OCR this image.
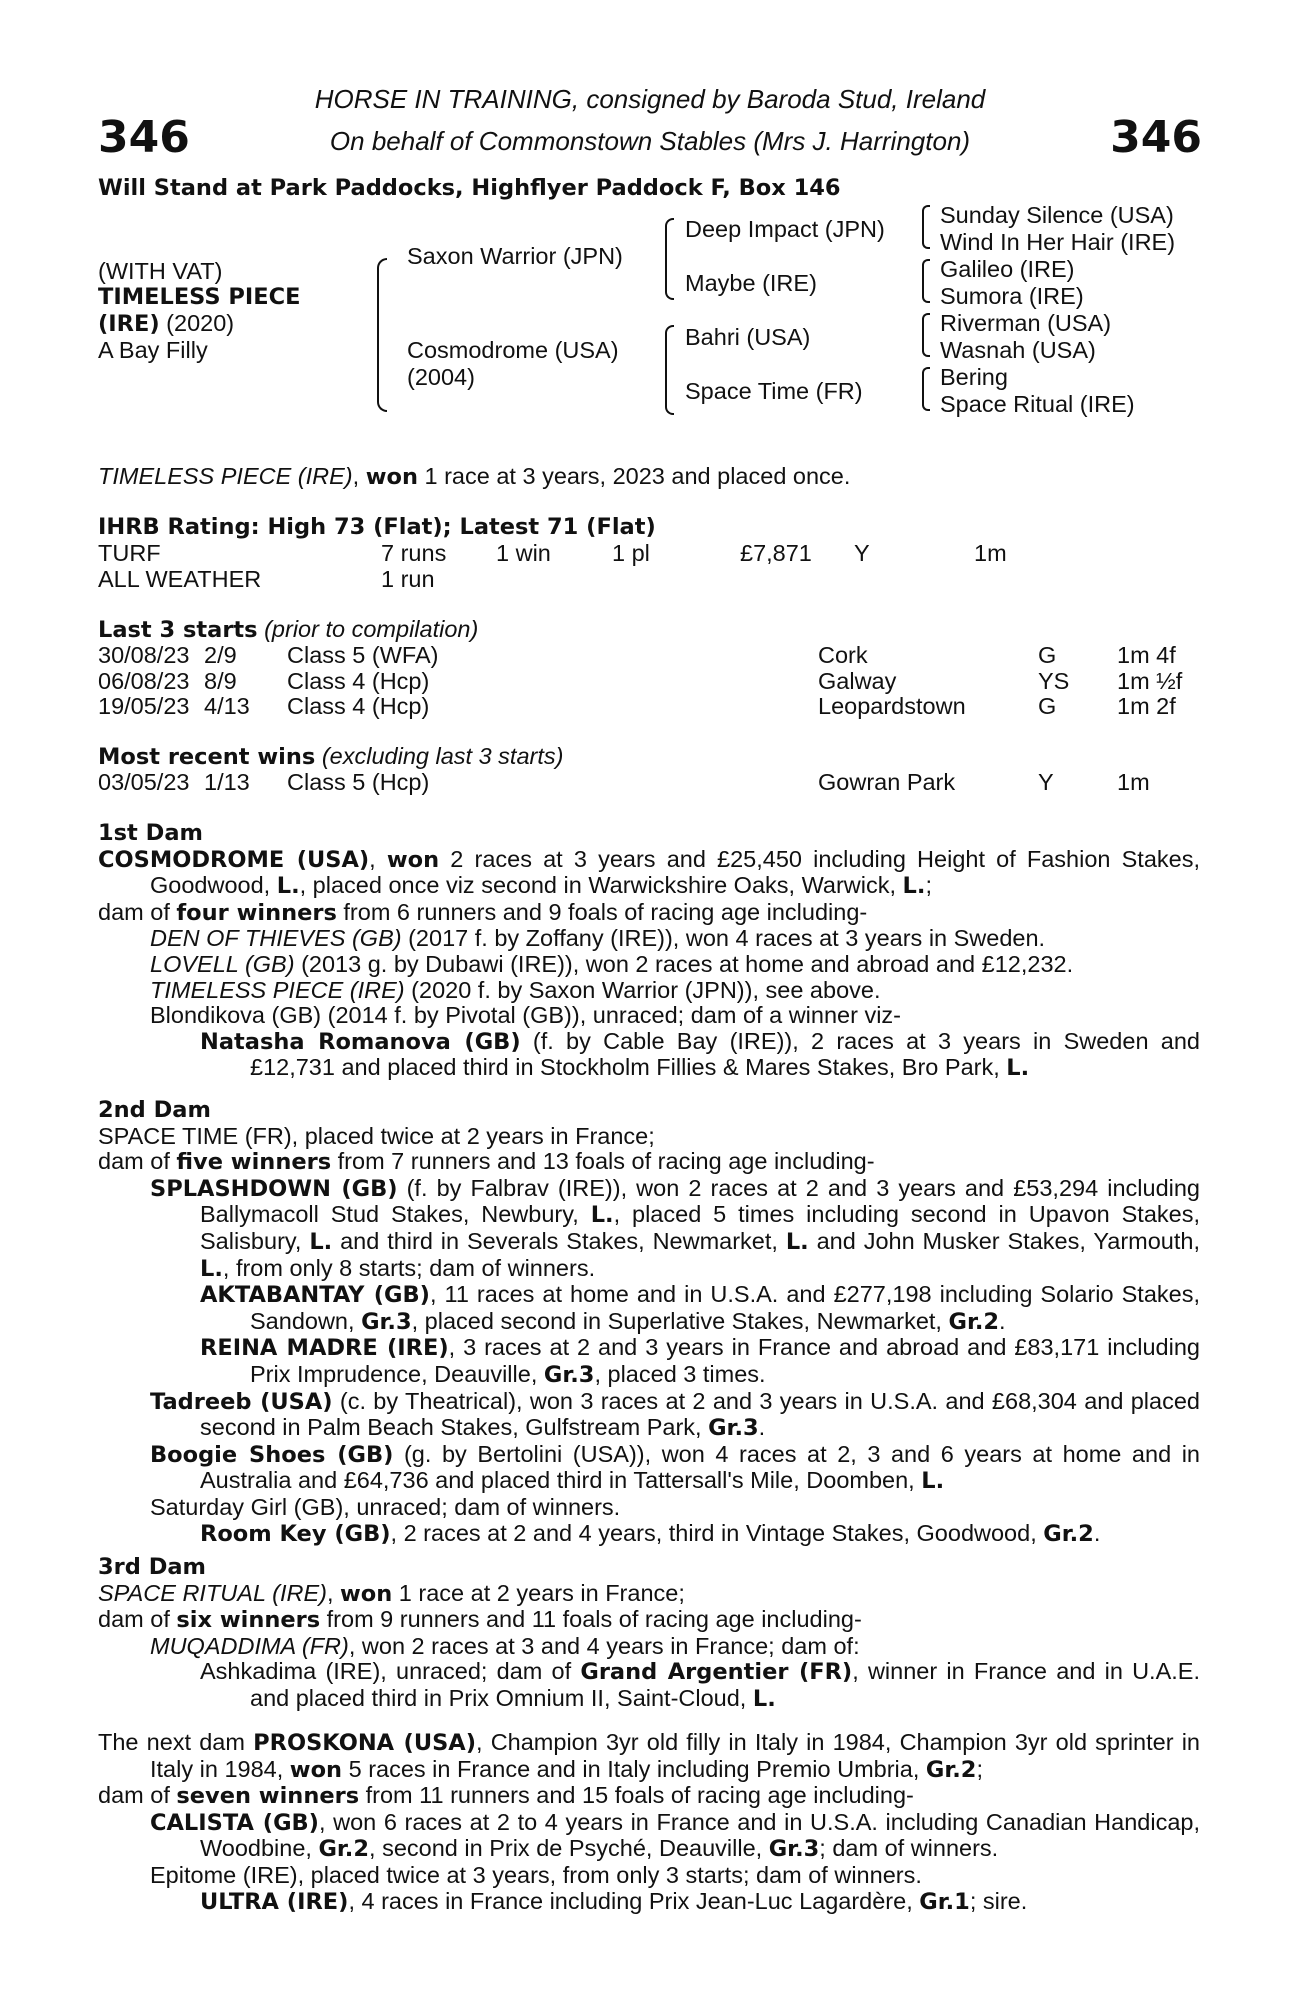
346	346
HORSE IN TRAINING, consigned by Baroda Stud, Ireland
On behalf of Commonstown Stables (Mrs J. Harrington)
Will Stand at Park Paddocks, Highflyer Paddock F, Box 146
(WITH VAT)
TIMELESS PIECE
(IRE) (2020)
A Bay Filly
Saxon Warrior (JPN)
Cosmodrome (USA)
(2004)
Deep Impact (JPN)
Maybe (IRE)
Bahri (USA)
Space Time (FR)
Sunday Silence (USA)
Wind In Her Hair (IRE)
Galileo (IRE)
Sumora (IRE)
Riverman (USA)
Wasnah (USA)
Bering
Space Ritual (IRE)
TIMELESS PIECE (IRE), won 1 race at 3 years, 2023 and placed once.
IHRB Rating: High 73 (Flat); Latest 71 (Flat)
TURF	7 runs 1 win	1 pl	£7,871 Y	1m
ALL WEATHER	1 run
Last 3 starts (prior to compilation)
30/08/23 2/9 Class 5 (WFA)	Cork	G	1m 4f
06/08/23 8/9 Class 4 (Hcp)	Galway	YS 1m ½f
19/05/23 4/13 Class 4 (Hcp)	Leopardstown	G	1m 2f
Most recent wins (excluding last 3 starts)
03/05/23 1/13 Class 5 (Hcp)	Gowran Park	Y	1m

1st Dam

COSMODROME (USA), won 2 races at 3 years and £25,450 including Height of Fashion Stakes, Goodwood, L., placed once viz second in Warwickshire Oaks, Warwick, L.;

dam of four winners from 6 runners and 9 foals of racing age including-

DEN OF THIEVES (GB) (2017 f. by Zoffany (IRE)), won 4 races at 3 years in Sweden.

LOVELL (GB) (2013 g. by Dubawi (IRE)), won 2 races at home and abroad and £12,232.

TIMELESS PIECE (IRE) (2020 f. by Saxon Warrior (JPN)), see above.

Blondikova (GB) (2014 f. by Pivotal (GB)), unraced; dam of a winner viz-

Natasha Romanova (GB) (f. by Cable Bay (IRE)), 2 races at 3 years in Sweden and £12,731 and placed third in Stockholm Fillies & Mares Stakes, Bro Park, L.

2nd Dam

SPACE TIME (FR), placed twice at 2 years in France;

dam of five winners from 7 runners and 13 foals of racing age including-

SPLASHDOWN (GB) (f. by Falbrav (IRE)), won 2 races at 2 and 3 years and £53,294 including Ballymacoll Stud Stakes, Newbury, L., placed 5 times including second in Upavon Stakes, Salisbury, L. and third in Severals Stakes, Newmarket, L. and John Musker Stakes, Yarmouth, L., from only 8 starts; dam of winners.

AKTABANTAY (GB), 11 races at home and in U.S.A. and £277,198 including Solario Stakes, Sandown, Gr.3, placed second in Superlative Stakes, Newmarket, Gr.2.

REINA MADRE (IRE), 3 races at 2 and 3 years in France and abroad and £83,171 including Prix Imprudence, Deauville, Gr.3, placed 3 times.

Tadreeb (USA) (c. by Theatrical), won 3 races at 2 and 3 years in U.S.A. and £68,304 and placed second in Palm Beach Stakes, Gulfstream Park, Gr.3.

Boogie Shoes (GB) (g. by Bertolini (USA)), won 4 races at 2, 3 and 6 years at home and in Australia and £64,736 and placed third in Tattersall's Mile, Doomben, L.

Saturday Girl (GB), unraced; dam of winners.

Room Key (GB), 2 races at 2 and 4 years, third in Vintage Stakes, Goodwood, Gr.2.

3rd Dam

SPACE RITUAL (IRE), won 1 race at 2 years in France;

dam of six winners from 9 runners and 11 foals of racing age including-

MUQADDIMA (FR), won 2 races at 3 and 4 years in France; dam of:

Ashkadima (IRE), unraced; dam of Grand Argentier (FR), winner in France and in U.A.E. and placed third in Prix Omnium II, Saint-Cloud, L.

The next dam PROSKONA (USA), Champion 3yr old filly in Italy in 1984, Champion 3yr old sprinter in Italy in 1984, won 5 races in France and in Italy including Premio Umbria, Gr.2;

dam of seven winners from 11 runners and 15 foals of racing age including-

CALISTA (GB), won 6 races at 2 to 4 years in France and in U.S.A. including Canadian Handicap, Woodbine, Gr.2, second in Prix de Psyché, Deauville, Gr.3; dam of winners.

Epitome (IRE), placed twice at 3 years, from only 3 starts; dam of winners.

ULTRA (IRE), 4 races in France including Prix Jean-Luc Lagardère, Gr.1; sire.
